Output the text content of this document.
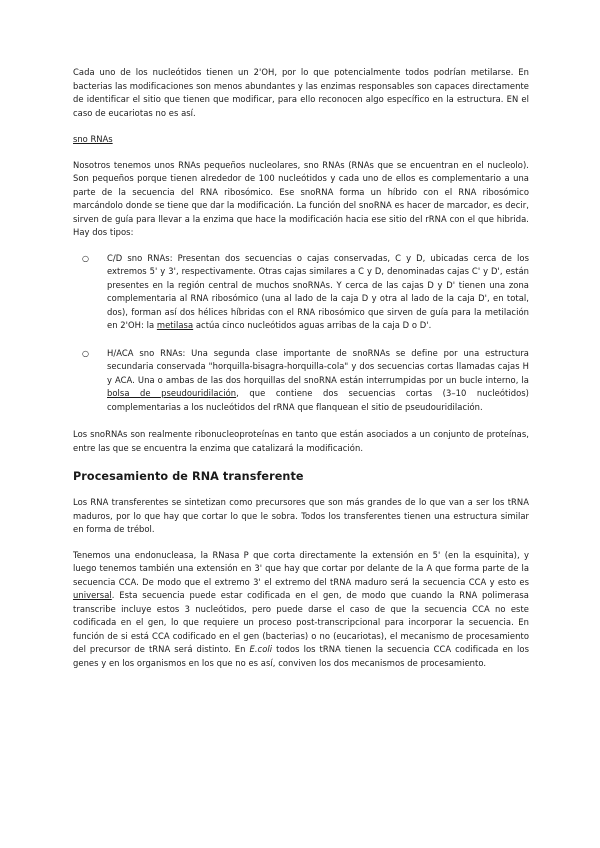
Cada uno de los nucleótidos tienen un 2'OH, por lo que potencialmente todos podrían metilarse. En bacterias las modificaciones son menos abundantes y las enzimas responsables son capaces directamente de identificar el sitio que tienen que modificar, para ello reconocen algo específico en la estructura. EN el caso de eucariotas no es así.

sno RNAs

Nosotros tenemos unos RNAs pequeños nucleolares, sno RNAs (RNAs que se encuentran en el nucleolo). Son pequeños porque tienen alrededor de 100 nucleótidos y cada uno de ellos es complementario a una parte de la secuencia del RNA ribosómico. Ese snoRNA forma un híbrido con el RNA ribosómico marcándolo donde se tiene que dar la modificación. La función del snoRNA es hacer de marcador, es decir, sirven de guía para llevar a la enzima que hace la modificación hacia ese sitio del rRNA con el que hibrida. Hay dos tipos:

○ C/D sno RNAs: Presentan dos secuencias o cajas conservadas, C y D, ubicadas cerca de los extremos 5' y 3', respectivamente. Otras cajas similares a C y D, denominadas cajas C' y D', están presentes en la región central de muchos snoRNAs. Y cerca de las cajas D y D' tienen una zona complementaria al RNA ribosómico (una al lado de la caja D y otra al lado de la caja D', en total, dos), forman así dos hélices híbridas con el RNA ribosómico que sirven de guía para la metilación en 2'OH: la metilasa actúa cinco nucleótidos aguas arribas de la caja D o D'.

○ H/ACA sno RNAs: Una segunda clase importante de snoRNAs se define por una estructura secundaria conservada "horquilla-bisagra-horquilla-cola" y dos secuencias cortas llamadas cajas H y ACA. Una o ambas de las dos horquillas del snoRNA están interrumpidas por un bucle interno, la bolsa de pseudouridilación, que contiene dos secuencias cortas (3–10 nucleótidos) complementarias a los nucleótidos del rRNA que flanquean el sitio de pseudouridilación.

Los snoRNAs son realmente ribonucleoproteínas en tanto que están asociados a un conjunto de proteínas, entre las que se encuentra la enzima que catalizará la modificación.

Procesamiento de RNA transferente

Los RNA transferentes se sintetizan como precursores que son más grandes de lo que van a ser los tRNA maduros, por lo que hay que cortar lo que le sobra. Todos los transferentes tienen una estructura similar en forma de trébol.

Tenemos una endonucleasa, la RNasa P que corta directamente la extensión en 5' (en la esquinita), y luego tenemos también una extensión en 3' que hay que cortar por delante de la A que forma parte de la secuencia CCA. De modo que el extremo 3' el extremo del tRNA maduro será la secuencia CCA y esto es universal. Esta secuencia puede estar codificada en el gen, de modo que cuando la RNA polimerasa transcribe incluye estos 3 nucleótidos, pero puede darse el caso de que la secuencia CCA no este codificada en el gen, lo que requiere un proceso post-transcripcional para incorporar la secuencia. En función de si está CCA codificado en el gen (bacterias) o no (eucariotas), el mecanismo de procesamiento del precursor de tRNA será distinto. En E.coli todos los tRNA tienen la secuencia CCA codificada en los genes y en los organismos en los que no es así, conviven los dos mecanismos de procesamiento.
